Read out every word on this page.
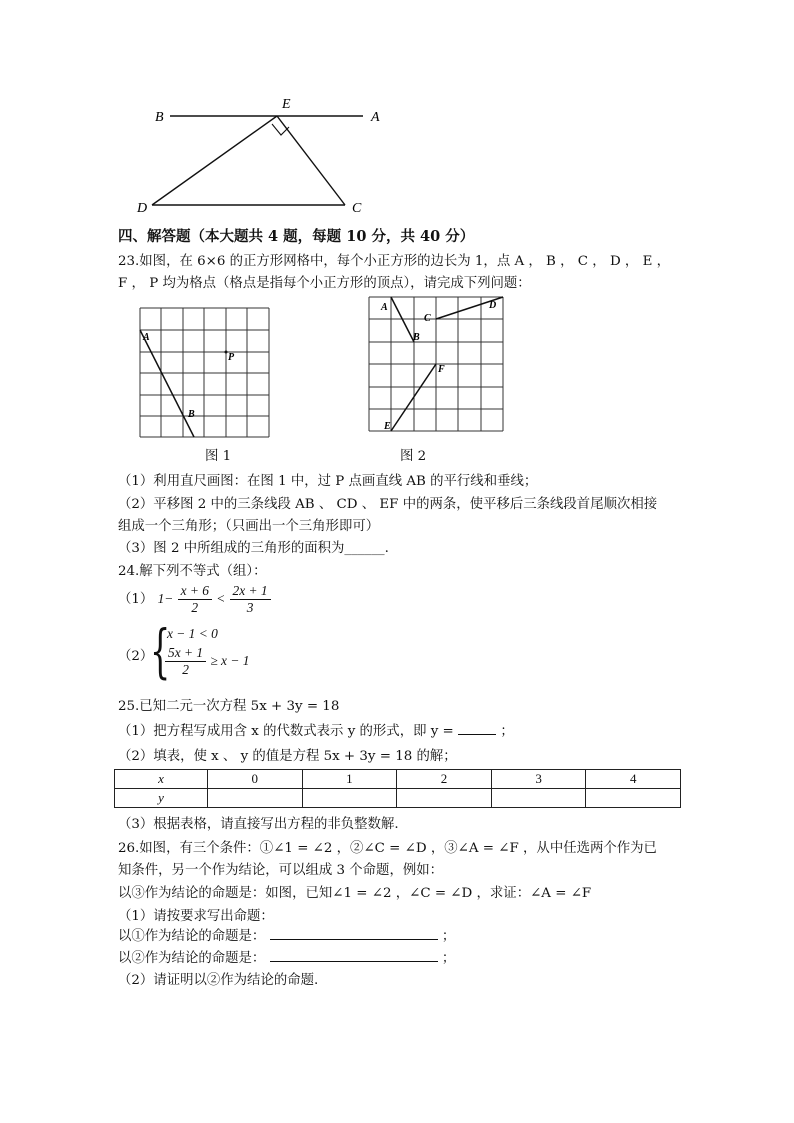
B
E
A
D	C
四、解答题（本大题共 4 题，每题 10 分，共 40 分）
23.如图，在 6×6 的正方形网格中，每个小正方形的边长为 1，点 A ， B ， C ， D ， E ，
F ， P 均为格点（格点是指每个小正方形的顶点），请完成下列问题：
A
P
B
图 1
A
B
C
D
F
E
图 2
（1）利用直尺画图：在图 1 中，过 P 点画直线 AB 的平行线和垂线；
（2）平移图 2 中的三条线段 AB 、 CD 、 EF 中的两条，使平移后三条线段首尾顺次相接
组成一个三角形；（只画出一个三角形即可）
（3）图 2 中所组成的三角形的面积为______.
24.解下列不等式（组）：
（1） $1- \frac{x + 6}{2} < \frac{2x + 1}{3}$
（2）
{
x − 1 < 0
$\frac{5x + 1}{2} \ge x - 1$
25.已知二元一次方程 5x + 3y = 18
（1）把方程写成用含 x 的代数式表示 y 的形式，即 y =	；
（2）填表，使 x 、 y 的值是方程 5x + 3y = 18 的解；
x	0	1	2	3	4
y					
（3）根据表格，请直接写出方程的非负整数解.
26.如图，有三个条件：①∠1 = ∠2 ，②∠C = ∠D ，③∠A = ∠F ，从中任选两个作为已
知条件，另一个作为结论，可以组成 3 个命题，例如：
以③作为结论的命题是：如图，已知∠1 = ∠2 ，∠C = ∠D ，求证：∠A = ∠F
（1）请按要求写出命题：
以①作为结论的命题是：	；
以②作为结论的命题是：	；
（2）请证明以②作为结论的命题.
